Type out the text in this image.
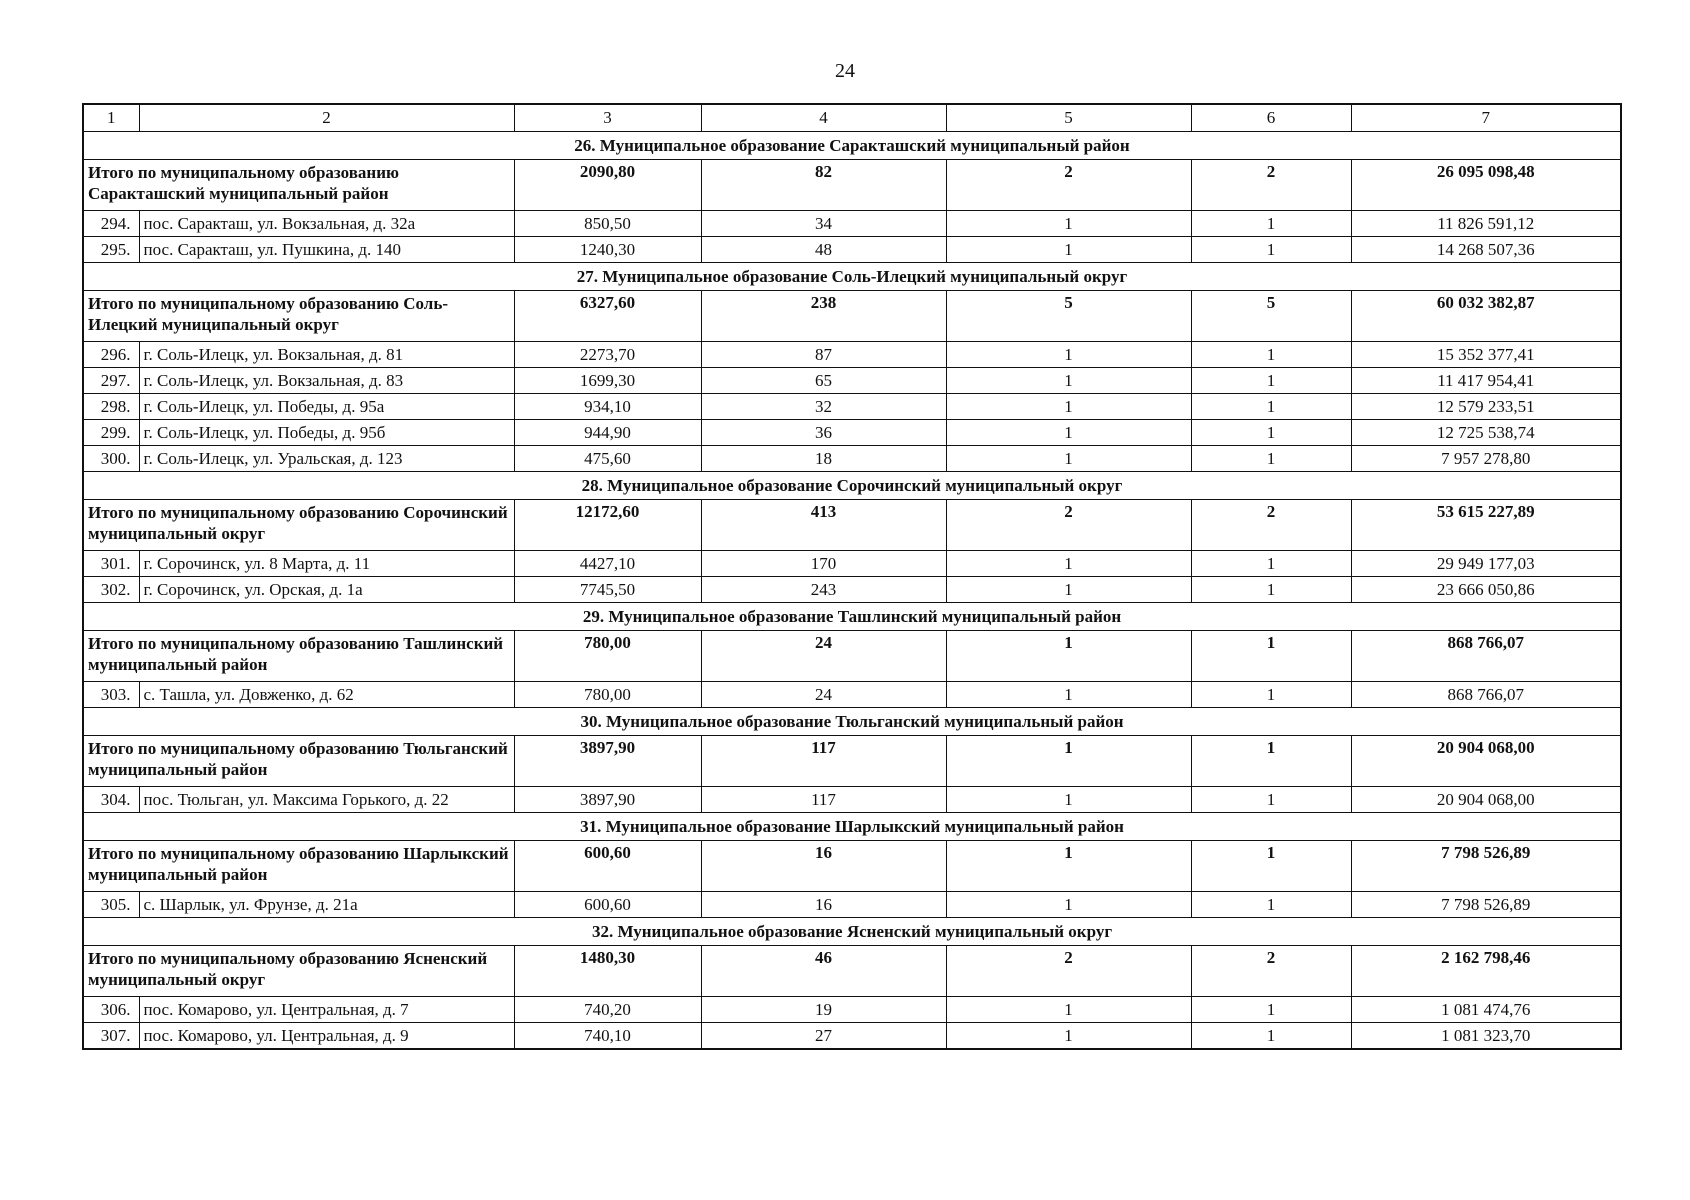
24
1	2	3	4	5	6	7
26. Муниципальное образование Саракташский муниципальный район						
Итого по муниципальному образованию Саракташский муниципальный район		2090,80	82	2	2	26 095 098,48
294.	пос. Саракташ, ул. Вокзальная, д. 32а	850,50	34	1	1	11 826 591,12
295.	пос. Саракташ, ул. Пушкина, д. 140	1240,30	48	1	1	14 268 507,36
27. Муниципальное образование Соль-Илецкий муниципальный округ						
Итого по муниципальному образованию Соль-Илецкий муниципальный округ		6327,60	238	5	5	60 032 382,87
296.	г. Соль-Илецк, ул. Вокзальная, д. 81	2273,70	87	1	1	15 352 377,41
297.	г. Соль-Илецк, ул. Вокзальная, д. 83	1699,30	65	1	1	11 417 954,41
298.	г. Соль-Илецк, ул. Победы, д. 95а	934,10	32	1	1	12 579 233,51
299.	г. Соль-Илецк, ул. Победы, д. 95б	944,90	36	1	1	12 725 538,74
300.	г. Соль-Илецк, ул. Уральская, д. 123	475,60	18	1	1	7 957 278,80
28. Муниципальное образование Сорочинский муниципальный округ						
Итого по муниципальному образованию Сорочинский муниципальный округ		12172,60	413	2	2	53 615 227,89
301.	г. Сорочинск, ул. 8 Марта, д. 11	4427,10	170	1	1	29 949 177,03
302.	г. Сорочинск, ул. Орская, д. 1а	7745,50	243	1	1	23 666 050,86
29. Муниципальное образование Ташлинский муниципальный район						
Итого по муниципальному образованию Ташлинский муниципальный район		780,00	24	1	1	868 766,07
303.	с. Ташла, ул. Довженко, д. 62	780,00	24	1	1	868 766,07
30. Муниципальное образование Тюльганский муниципальный район						
Итого по муниципальному образованию Тюльганский муниципальный район		3897,90	117	1	1	20 904 068,00
304.	пос. Тюльган, ул. Максима Горького, д. 22	3897,90	117	1	1	20 904 068,00
31. Муниципальное образование Шарлыкский муниципальный район						
Итого по муниципальному образованию Шарлыкский муниципальный район		600,60	16	1	1	7 798 526,89
305.	с. Шарлык, ул. Фрунзе, д. 21а	600,60	16	1	1	7 798 526,89
32. Муниципальное образование Ясненский муниципальный округ						
Итого по муниципальному образованию Ясненский муниципальный округ		1480,30	46	2	2	2 162 798,46
306.	пос. Комарово, ул. Центральная, д. 7	740,20	19	1	1	1 081 474,76
307.	пос. Комарово, ул. Центральная, д. 9	740,10	27	1	1	1 081 323,70
